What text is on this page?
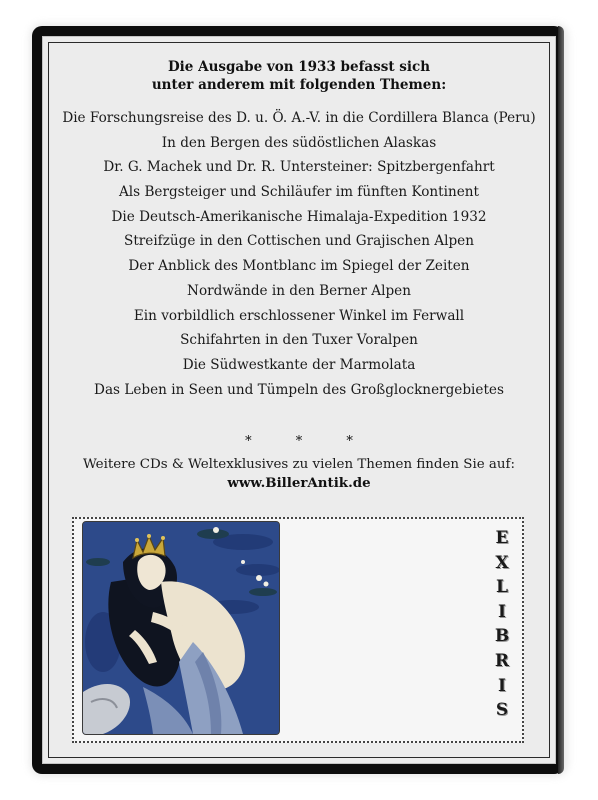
Die Ausgabe von 1933 befasst sich
unter anderem mit folgenden Themen:
Die Forschungsreise des D. u. Ö. A.-V. in die Cordillera Blanca (Peru)
In den Bergen des südöstlichen Alaskas
Dr. G. Machek und Dr. R. Untersteiner: Spitzbergenfahrt
Als Bergsteiger und Schiläufer im fünften Kontinent
Die Deutsch-Amerikanische Himalaja-Expedition 1932
Streifzüge in den Cottischen und Grajischen Alpen
Der Anblick des Montblanc im Spiegel der Zeiten
Nordwände in den Berner Alpen
Ein vorbildlich erschlossener Winkel im Ferwall
Schifahrten in den Tuxer Voralpen
Die Südwestkante der Marmolata
Das Leben in Seen und Tümpeln des Großglocknergebietes
* * *
Weitere CDs & Weltexklusives zu vielen Themen finden Sie auf:
www.BillerAntik.de
E
X
L
I
B
R
I
S
